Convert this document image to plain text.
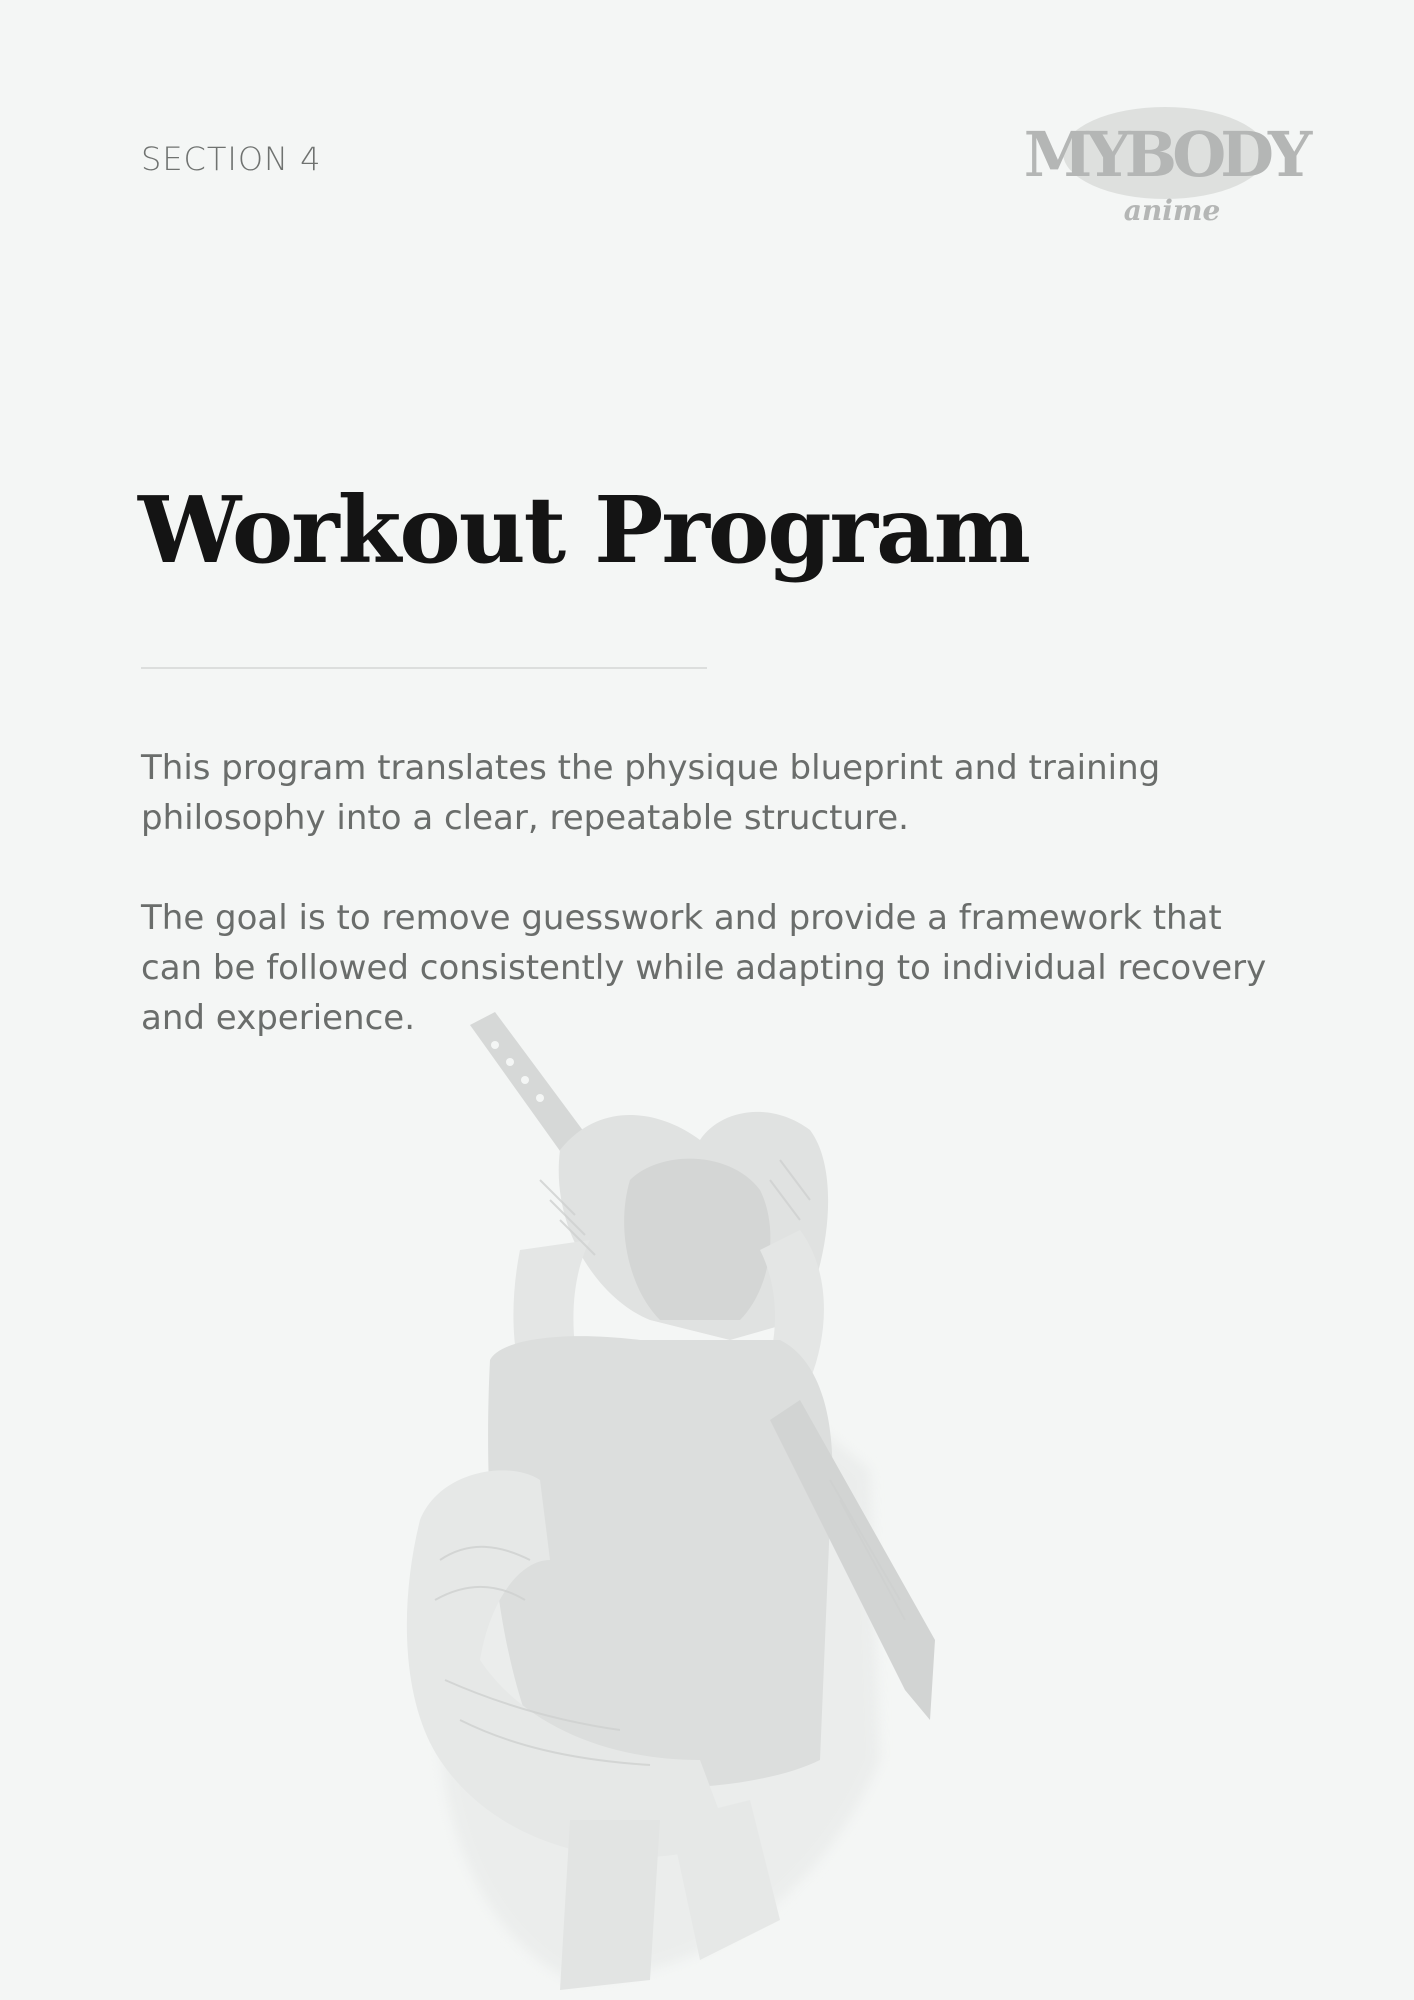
SECTION 4	MYBODY
anime
Workout Program

This program translates the physique blueprint and training philosophy into a clear, repeatable structure.

The goal is to remove guesswork and provide a framework that can be followed consistently while adapting to individual recovery and experience.
